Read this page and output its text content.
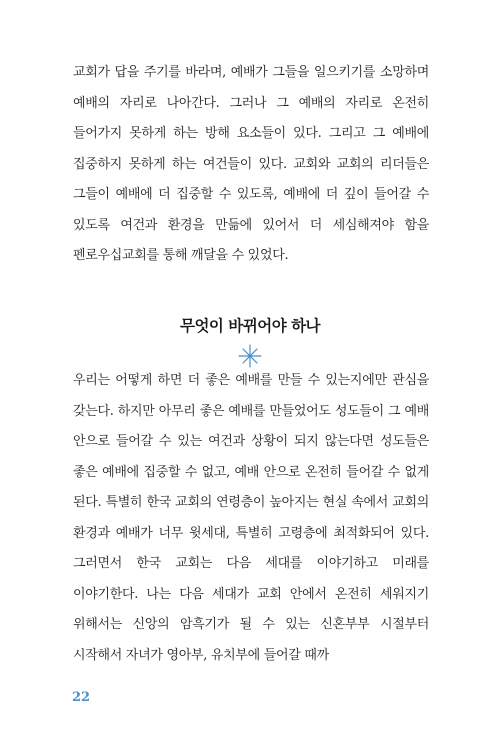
교회가 답을 주기를 바라며, 예배가 그들을 일으키기를 소망하며 예배의 자리로 나아간다. 그러나 그 예배의 자리로 온전히 들어가지 못하게 하는 방해 요소들이 있다. 그리고 그 예배에 집중하지 못하게 하는 여건들이 있다. 교회와 교회의 리더들은 그들이 예배에 더 집중할 수 있도록, 예배에 더 깊이 들어갈 수 있도록 여건과 환경을 만듦에 있어서 더 세심해져야 함을 펜로우십교회를 통해 깨달을 수 있었다.

무엇이 바뀌어야 하나

우리는 어떻게 하면 더 좋은 예배를 만들 수 있는지에만 관심을 갖는다. 하지만 아무리 좋은 예배를 만들었어도 성도들이 그 예배 안으로 들어갈 수 있는 여건과 상황이 되지 않는다면 성도들은 좋은 예배에 집중할 수 없고, 예배 안으로 온전히 들어갈 수 없게 된다. 특별히 한국 교회의 연령층이 높아지는 현실 속에서 교회의 환경과 예배가 너무 윗세대, 특별히 고령층에 최적화되어 있다. 그러면서 한국 교회는 다음 세대를 이야기하고 미래를 이야기한다. 나는 다음 세대가 교회 안에서 온전히 세워지기 위해서는 신앙의 암흑기가 될 수 있는 신혼부부 시절부터 시작해서 자녀가 영아부, 유치부에 들어갈 때까

22
